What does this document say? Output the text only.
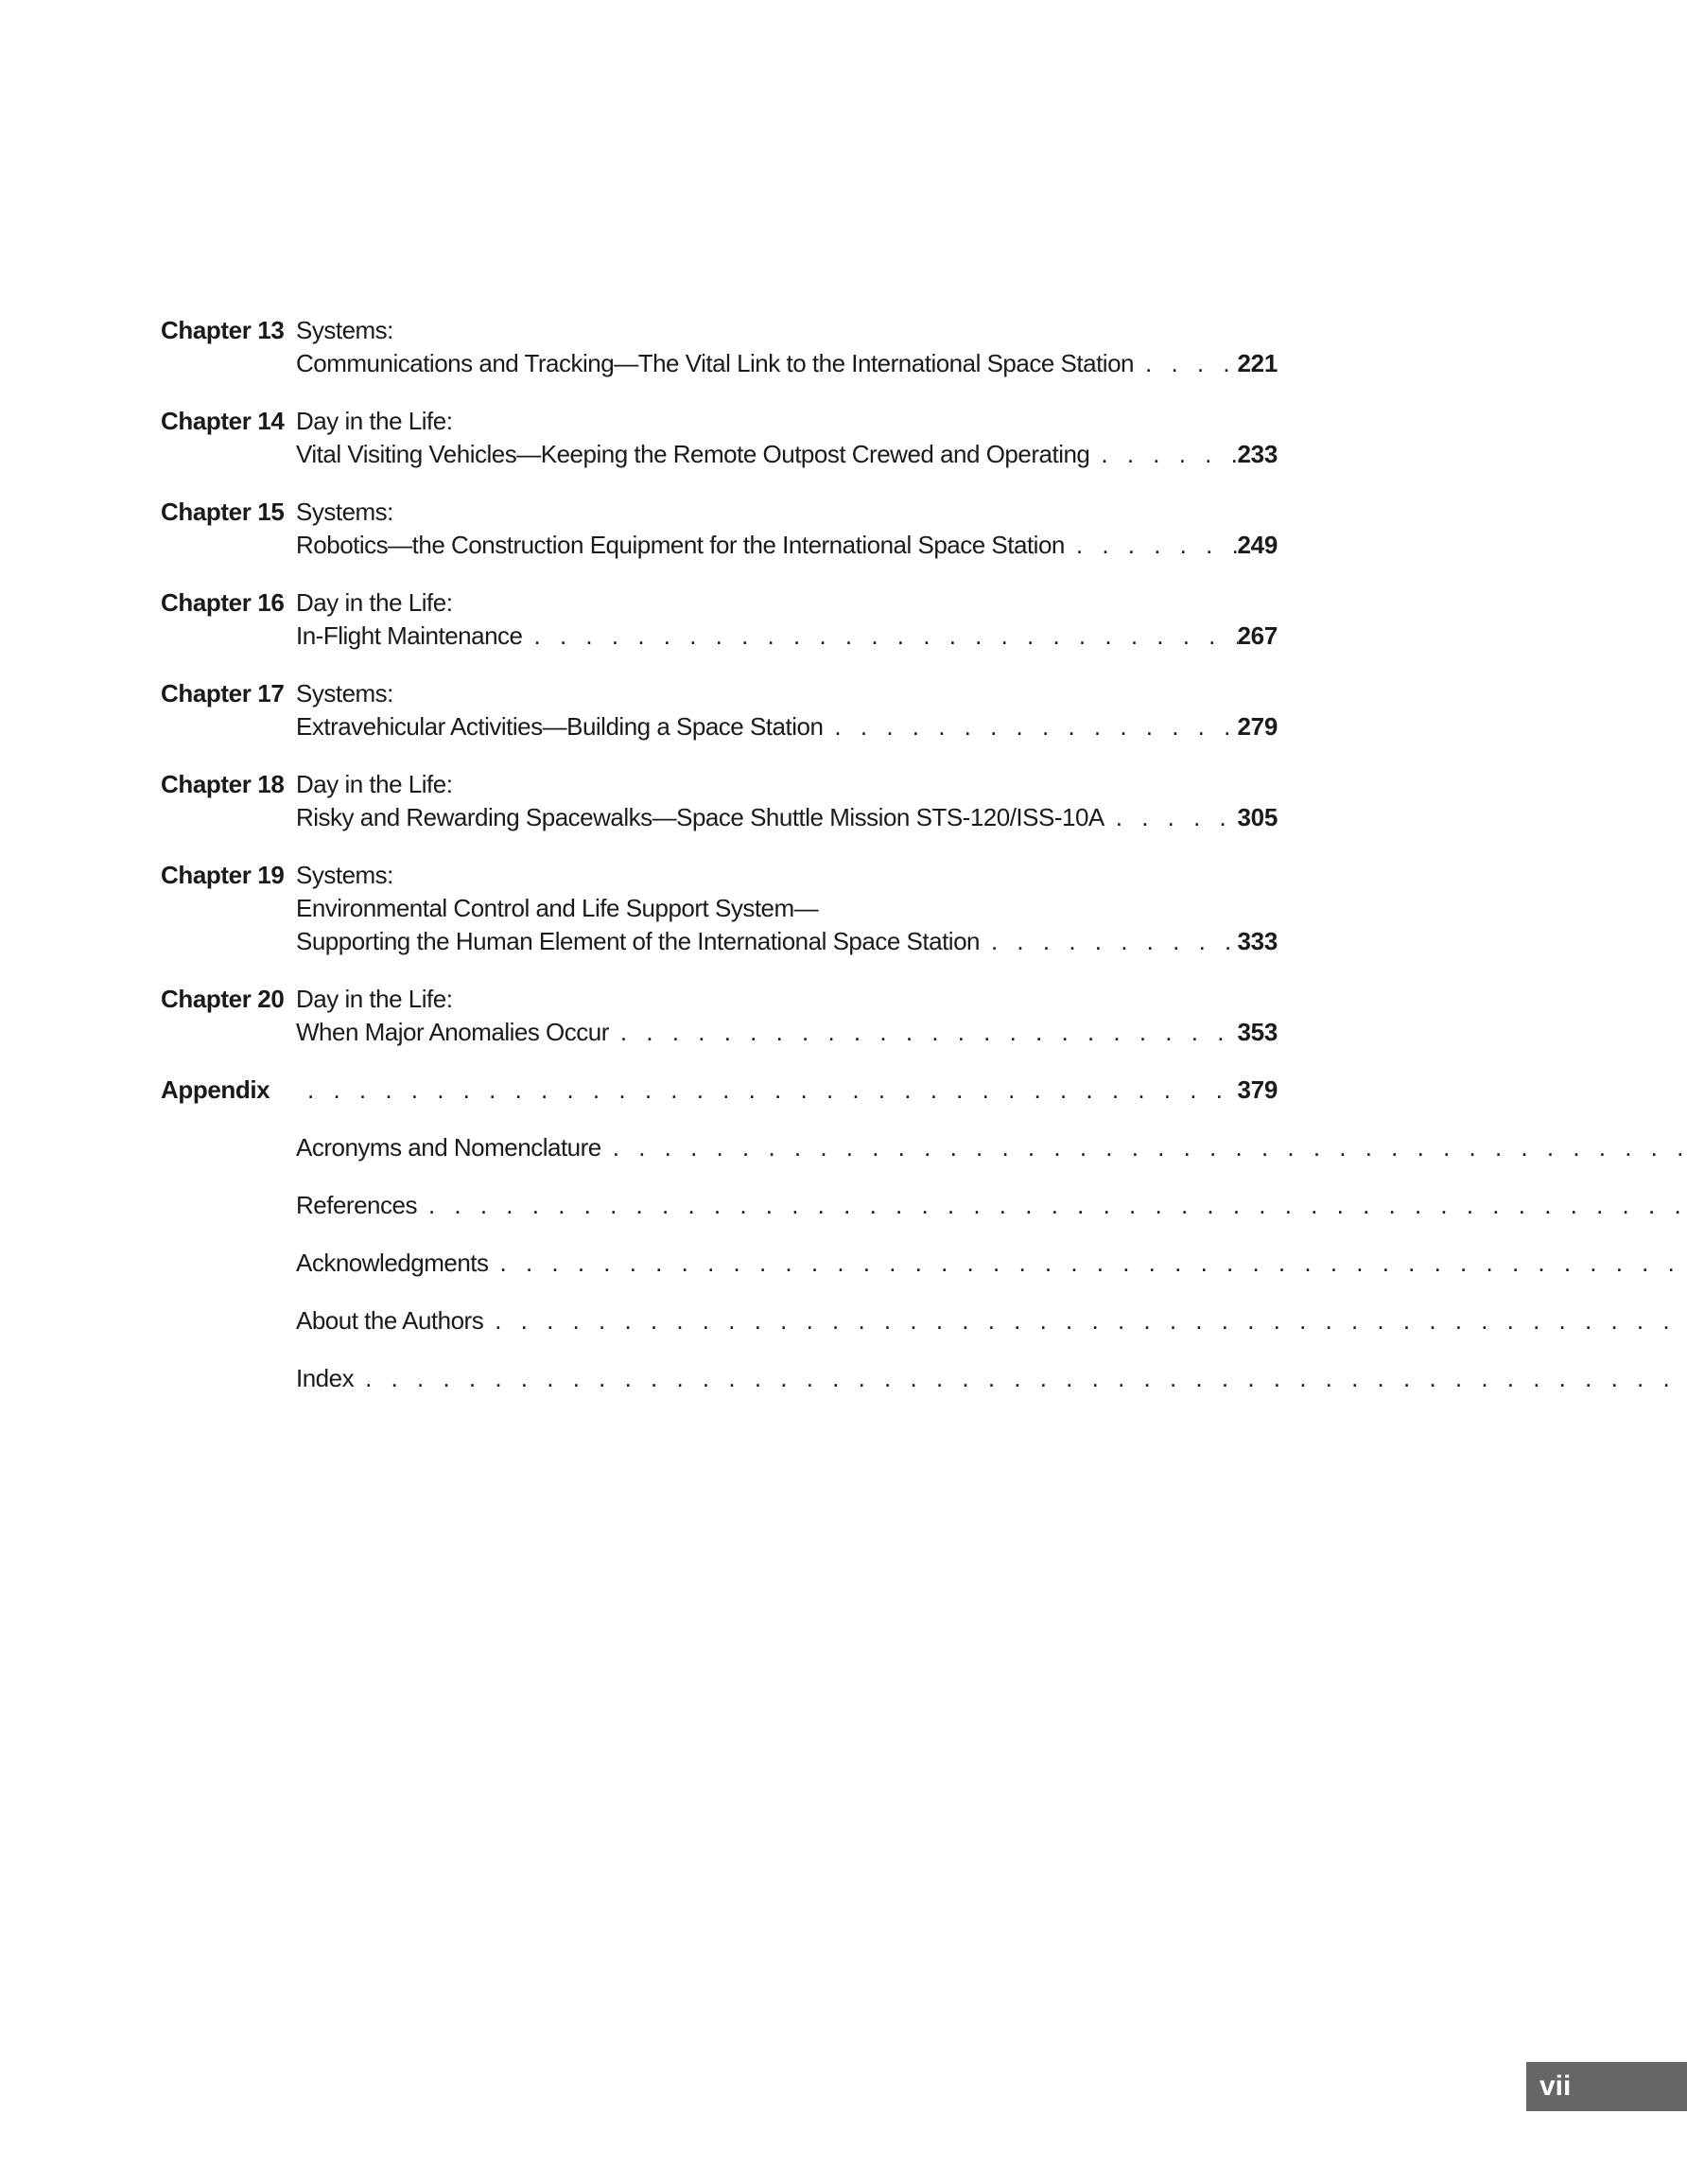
Chapter 13 Systems:
Communications and Tracking—The Vital Link to the International Space Station . . .	221
Chapter 14 Day in the Life:
Vital Visiting Vehicles—Keeping the Remote Outpost Crewed and Operating . . .	233
Chapter 15 Systems:
Robotics—the Construction Equipment for the International Space Station . . .	249
Chapter 16 Day in the Life:
In-Flight Maintenance . . .	267
Chapter 17 Systems:
Extravehicular Activities—Building a Space Station . . .	279
Chapter 18 Day in the Life:
Risky and Rewarding Spacewalks—Space Shuttle Mission STS-120/ISS-10A . . .	305
Chapter 19 Systems:
Environmental Control and Life Support System—
Supporting the Human Element of the International Space Station . . .	333
Chapter 20 Day in the Life:
When Major Anomalies Occur . . .	353
Appendix . . .	379
Acronyms and Nomenclature
. . .
References
. . .
Acknowledgments
. . .
About the Authors
. . .
Index
. . .
vii
